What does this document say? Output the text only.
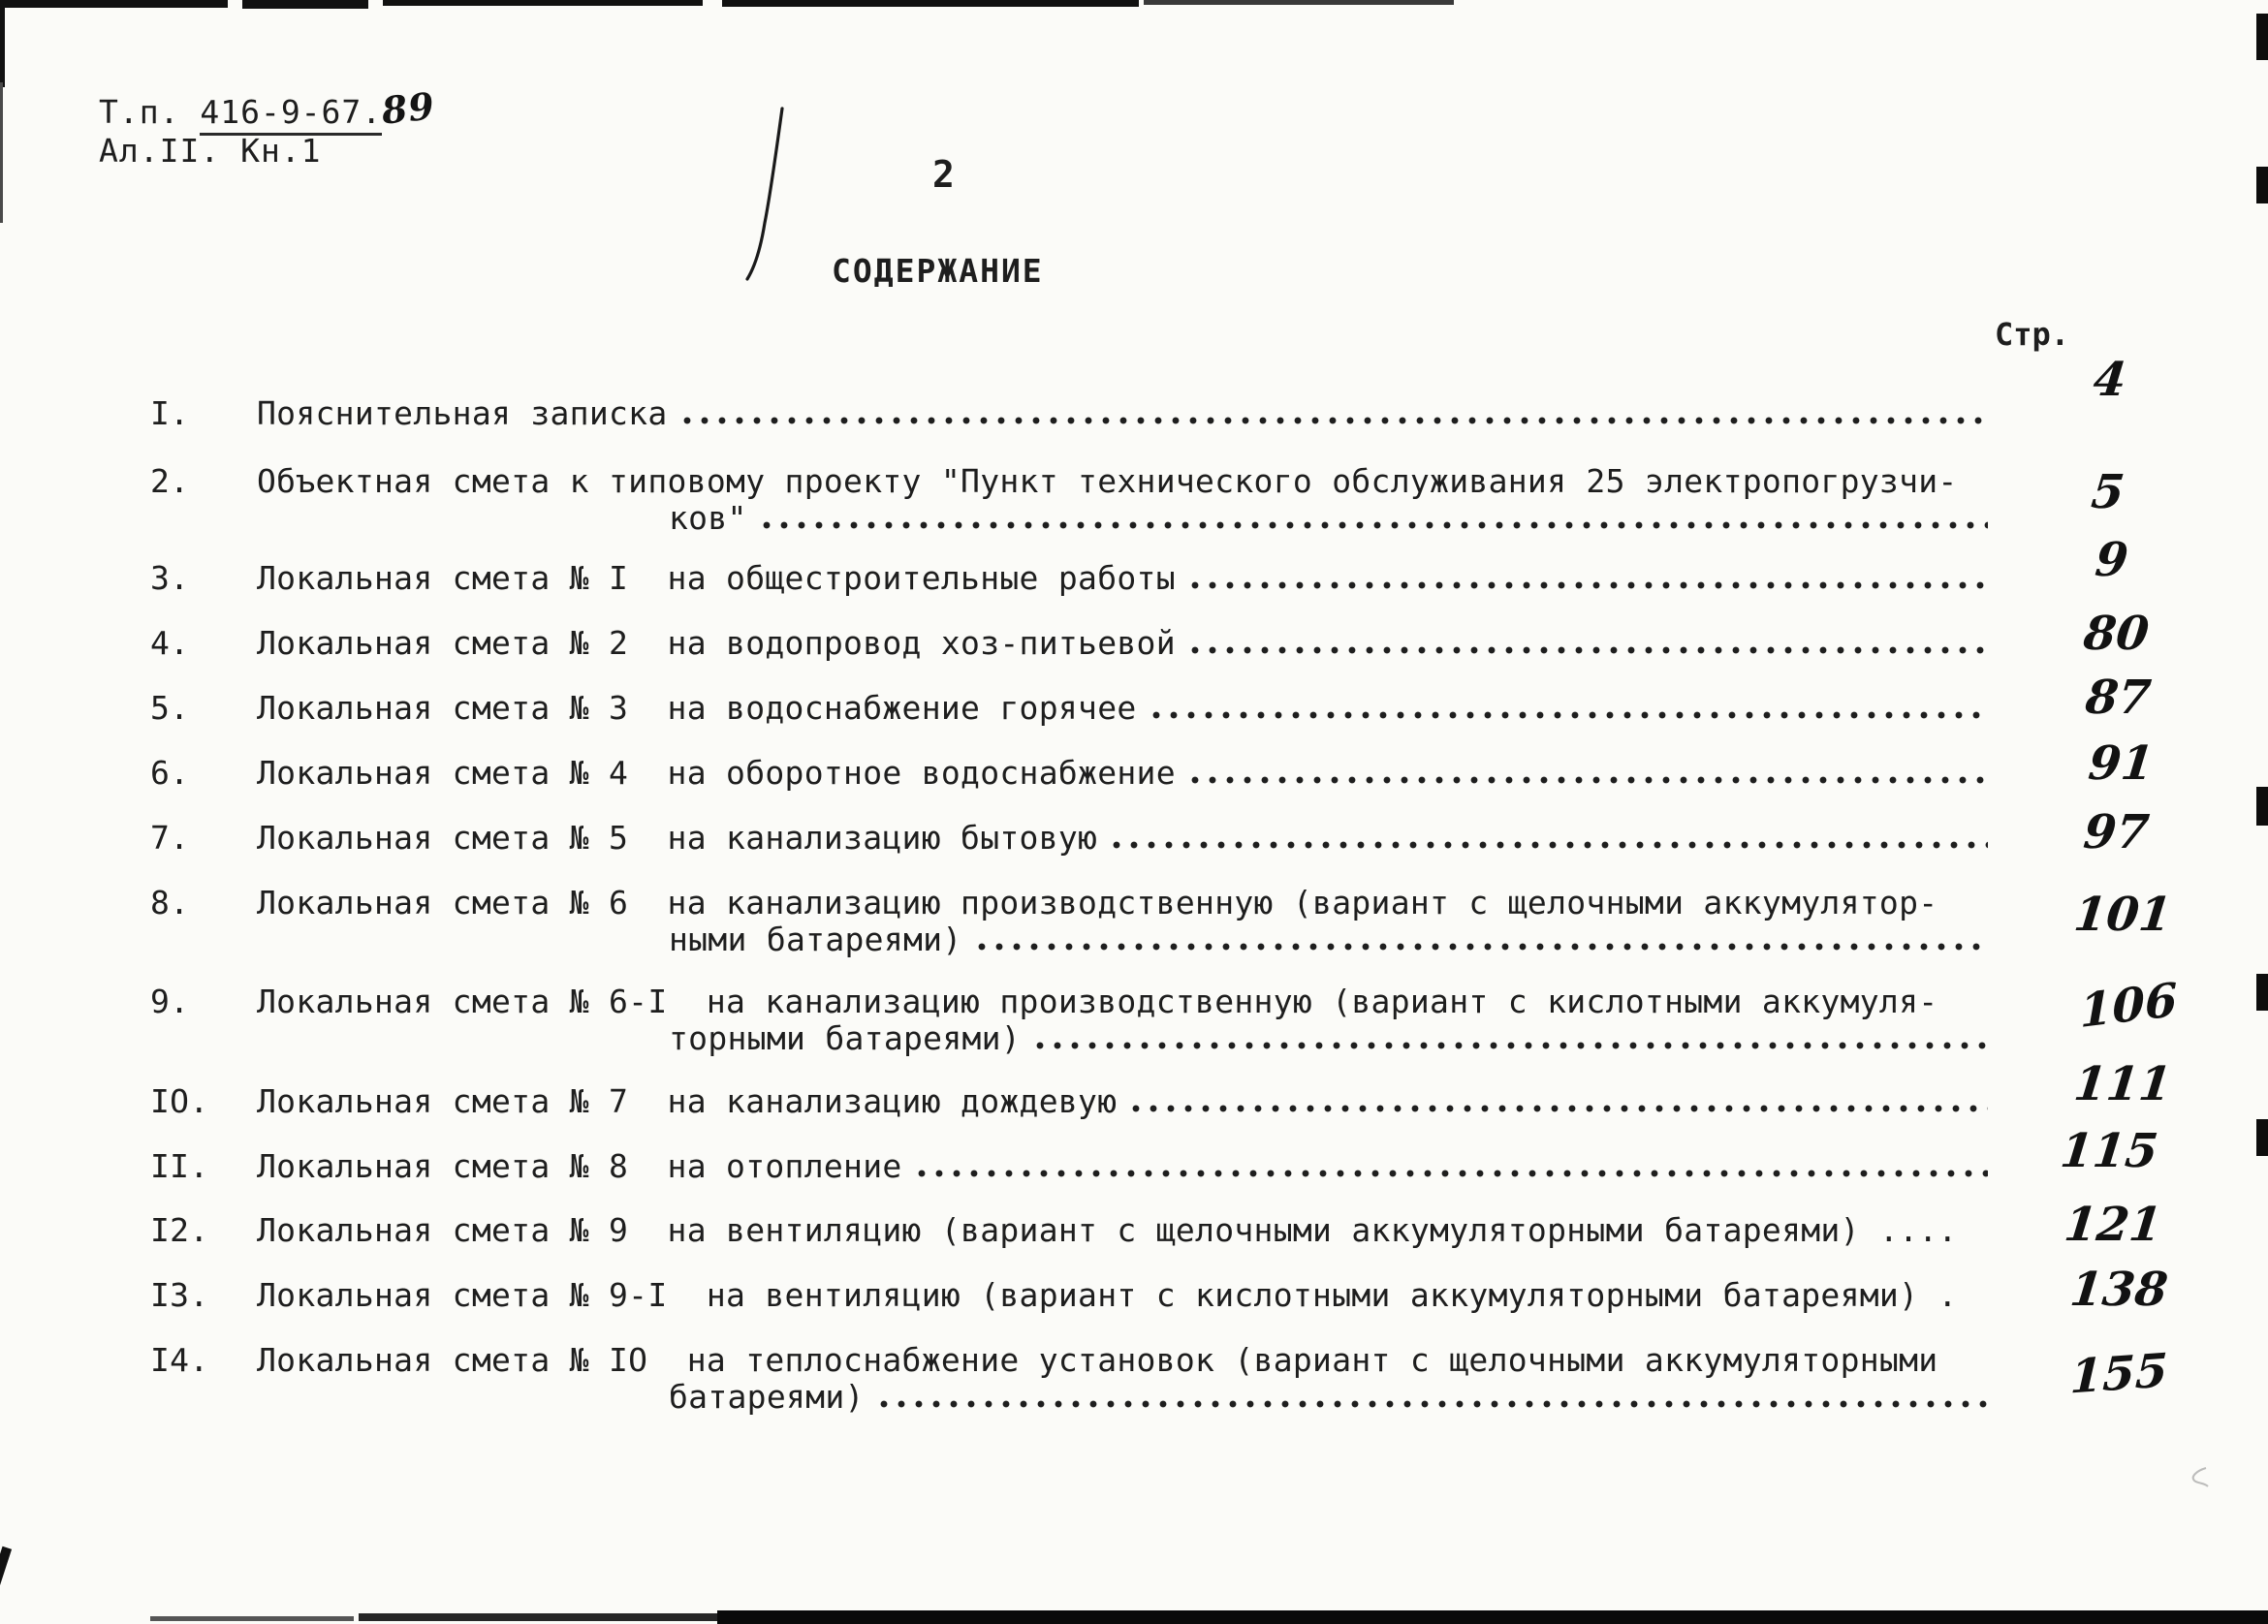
Т.п. 416-9-67.89
Ал.II. Кн.1
2
СОДЕРЖАНИЕ
Стр.
I. Пояснительная записка
2. Объектная смета к типовому проекту "Пункт технического обслуживания 25 электропогрузчи-
ков"
3. Локальная смета № I  на общестроительные работы
4. Локальная смета № 2  на водопровод хоз-питьевой
5. Локальная смета № 3  на водоснабжение горячее
6. Локальная смета № 4  на оборотное водоснабжение
7. Локальная смета № 5  на канализацию бытовую
8. Локальная смета № 6  на канализацию производственную (вариант с щелочными аккумулятор-
ными батареями)
9. Локальная смета № 6-I  на канализацию производственную (вариант с кислотными аккумуля-
торными батареями)
IO. Локальная смета № 7  на канализацию дождевую
II. Локальная смета № 8  на отопление
I2. Локальная смета № 9  на вентиляцию (вариант с щелочными аккумуляторными батареями) ....
I3. Локальная смета № 9-I  на вентиляцию (вариант с кислотными аккумуляторными батареями) .
I4. Локальная смета № IO  на теплоснабжение установок (вариант с щелочными аккумуляторными
батареями)
4
5
9
80
87
91
97
101
106
111
115
121
138
155
